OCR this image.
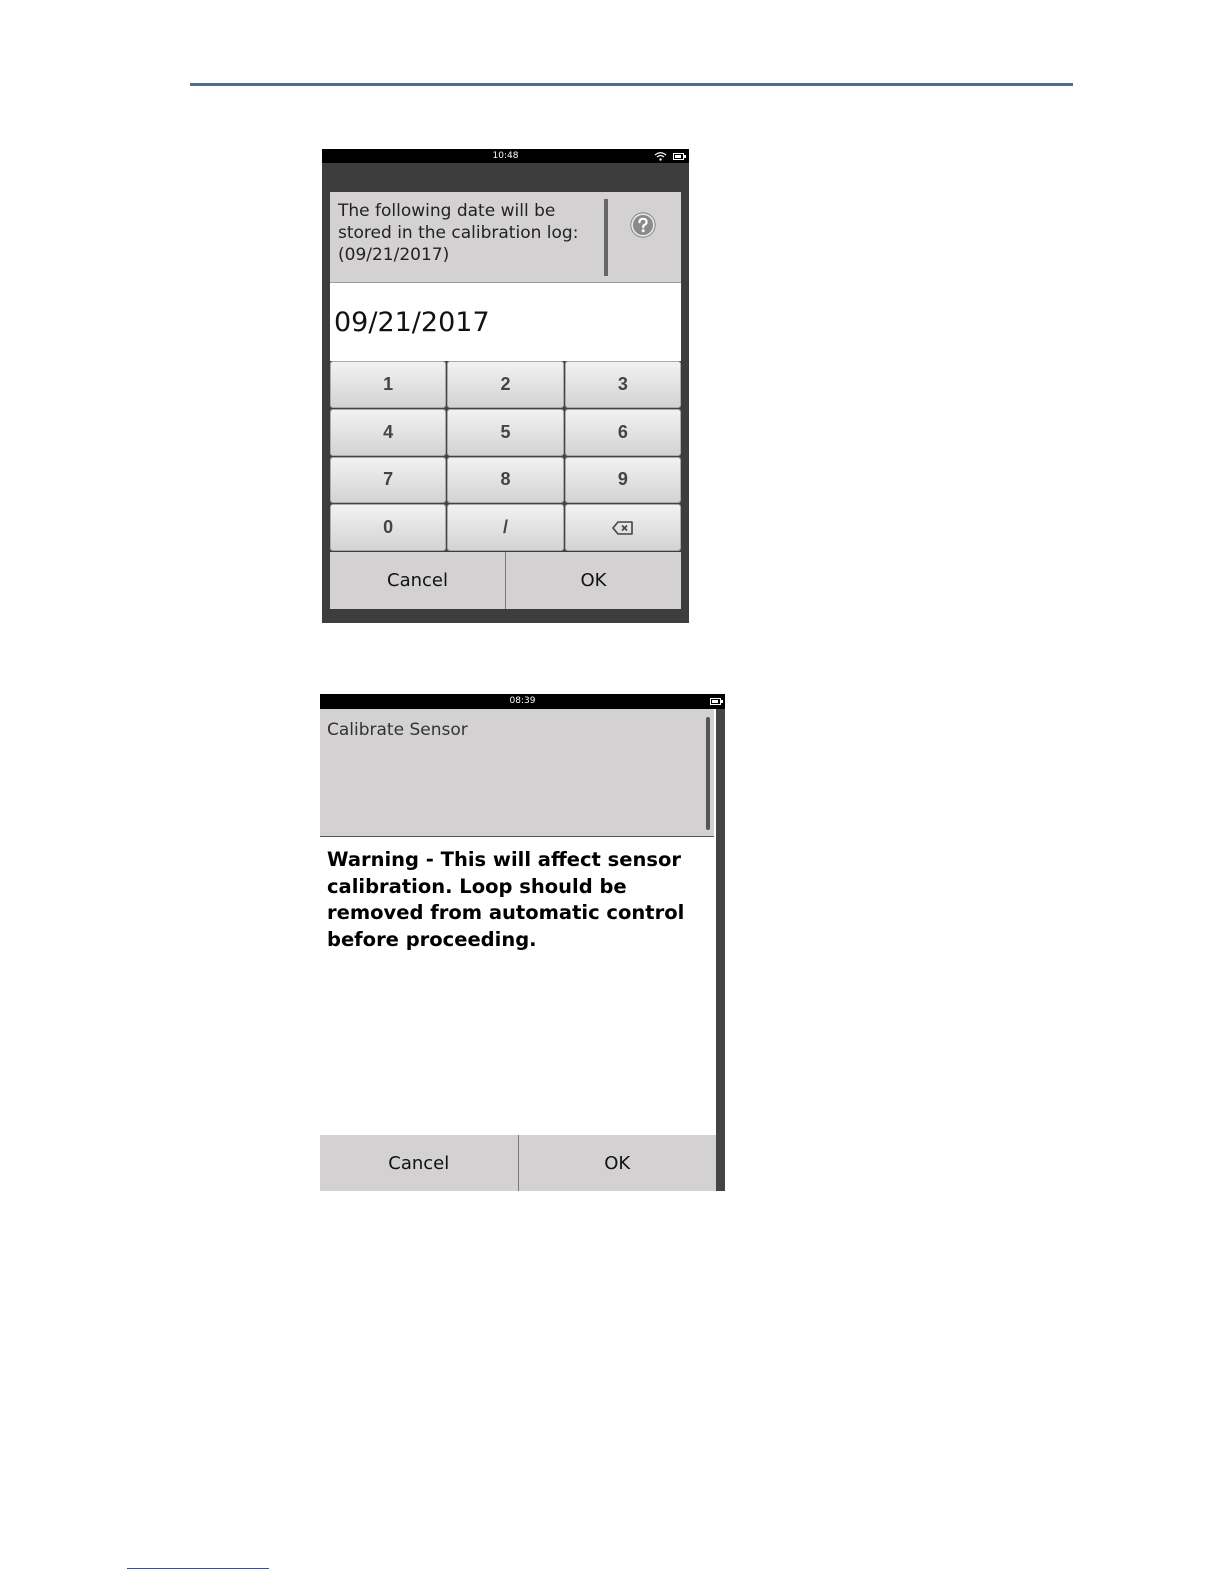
10:48
The following date will be
stored in the calibration log:
(09/21/2017)
09/21/2017
1	2	3
4	5	6
7	8	9
0	/
Cancel	OK
08:39
Calibrate Sensor
Warning - This will affect sensor calibration. Loop should be removed from automatic control before proceeding.
Cancel	OK
